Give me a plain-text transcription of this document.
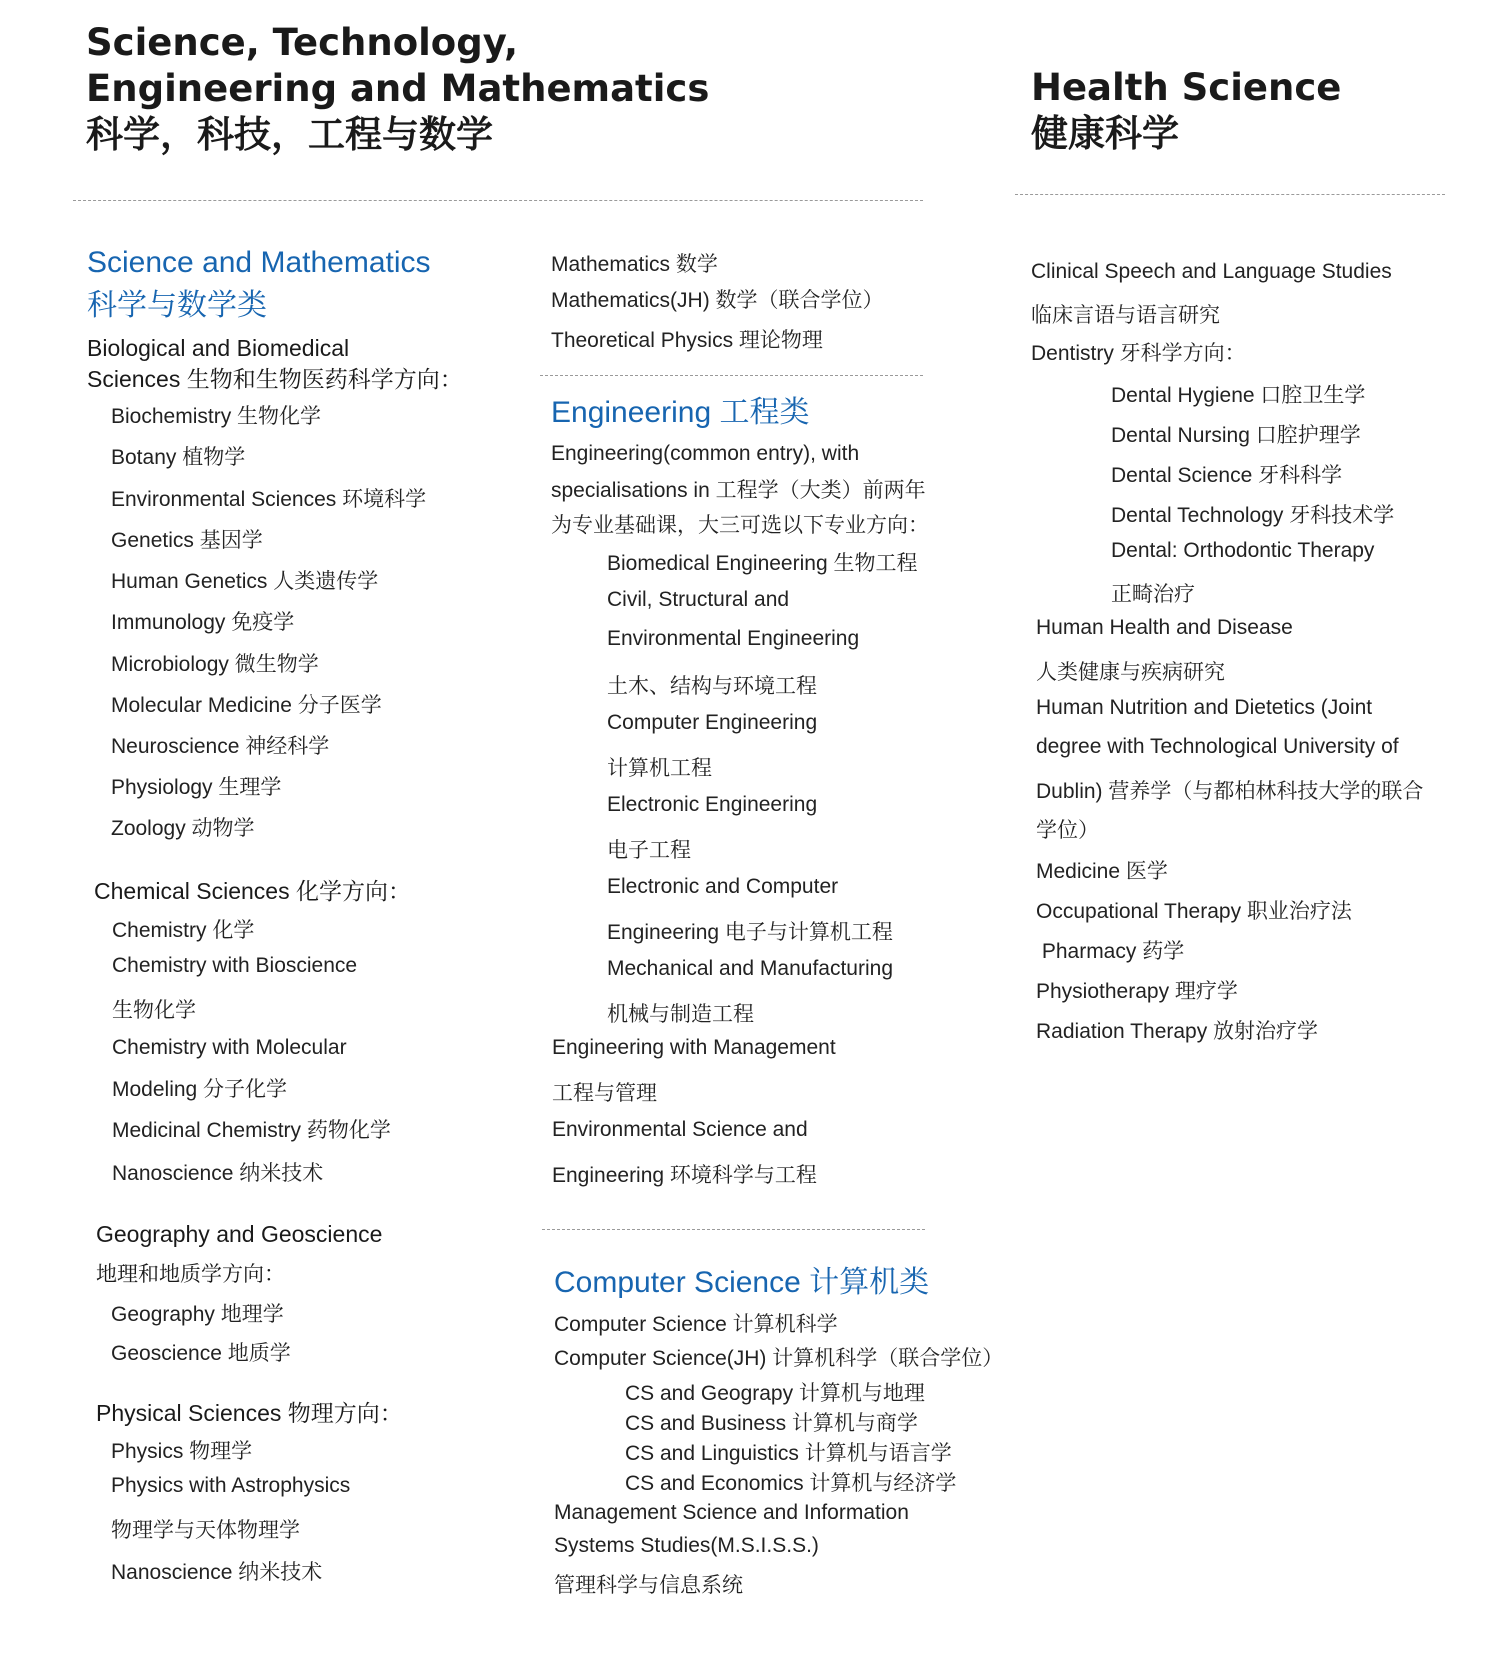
Science, Technology,
Engineering and Mathematics
科学，科技，工程与数学
Health Science
健康科学
Science and Mathematics
科学与数学类
Biological and Biomedical
Sciences 生物和生物医药科学方向：
Biochemistry 生物化学
Botany 植物学
Environmental Sciences 环境科学
Genetics 基因学
Human Genetics 人类遗传学
Immunology 免疫学
Microbiology 微生物学
Molecular Medicine 分子医学
Neuroscience 神经科学
Physiology 生理学
Zoology 动物学
Chemical Sciences 化学方向：
Chemistry 化学
Chemistry with Bioscience
生物化学
Chemistry with Molecular
Modeling 分子化学
Medicinal Chemistry 药物化学
Nanoscience 纳米技术
Geography and Geoscience
地理和地质学方向：
Geography 地理学
Geoscience 地质学
Physical Sciences 物理方向：
Physics 物理学
Physics with Astrophysics
物理学与天体物理学
Nanoscience 纳米技术
Mathematics 数学
Mathematics(JH) 数学（联合学位）
Theoretical Physics 理论物理
Engineering 工程类
Engineering(common entry), with
specialisations in 工程学（大类）前两年
为专业基础课，大三可选以下专业方向：
Biomedical Engineering 生物工程
Civil, Structural and
Environmental Engineering
土木、结构与环境工程
Computer Engineering
计算机工程
Electronic Engineering
电子工程
Electronic and Computer
Engineering 电子与计算机工程
Mechanical and Manufacturing
机械与制造工程
Engineering with Management
工程与管理
Environmental Science and
Engineering 环境科学与工程
Computer Science 计算机类
Computer Science 计算机科学
Computer Science(JH) 计算机科学（联合学位）
CS and Geograpy 计算机与地理
CS and Business 计算机与商学
CS and Linguistics 计算机与语言学
CS and Economics 计算机与经济学
Management Science and Information
Systems Studies(M.S.I.S.S.)
管理科学与信息系统
Clinical Speech and Language Studies
临床言语与语言研究
Dentistry 牙科学方向：
Dental Hygiene 口腔卫生学
Dental Nursing 口腔护理学
Dental Science 牙科科学
Dental Technology 牙科技术学
Dental: Orthodontic Therapy
正畸治疗
Human Health and Disease
人类健康与疾病研究
Human Nutrition and Dietetics (Joint
degree with Technological University of
Dublin) 营养学（与都柏林科技大学的联合
学位）
Medicine 医学
Occupational Therapy 职业治疗法
Pharmacy 药学
Physiotherapy 理疗学
Radiation Therapy 放射治疗学
